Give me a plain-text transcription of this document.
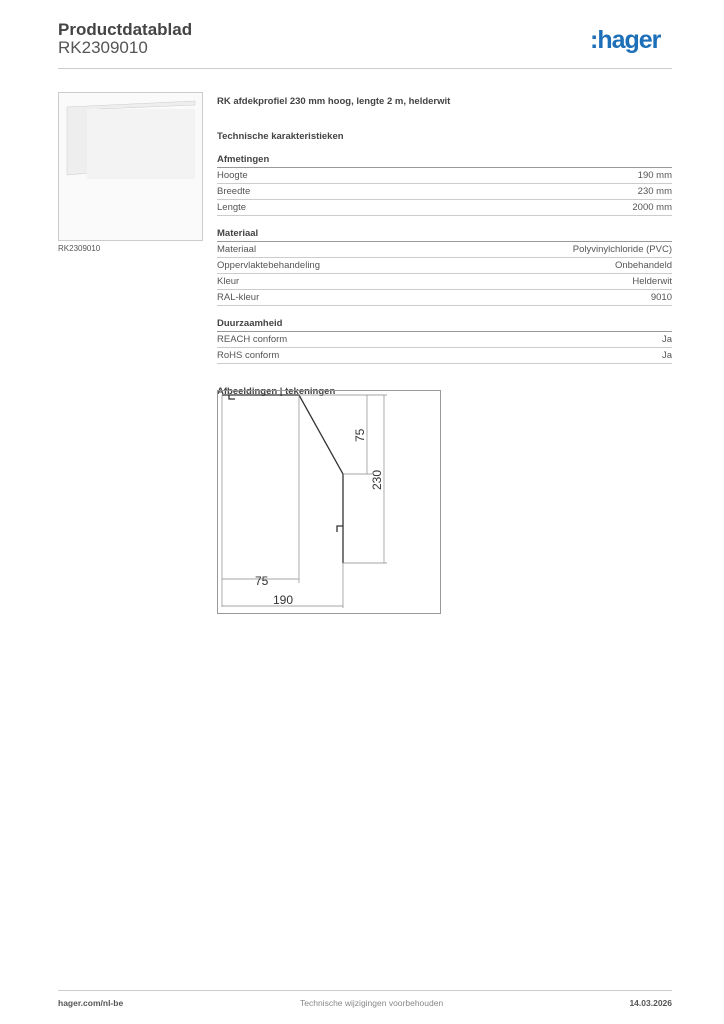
Productdatablad
RK2309010	:hager
RK2309010
RK afdekprofiel 230 mm hoog, lengte 2 m, helderwit
Technische karakteristieken
Afmetingen
Hoogte	190 mm
Breedte	230 mm
Lengte	2000 mm
Materiaal
Materiaal	Polyvinylchloride (PVC)
Oppervlaktebehandeling	Onbehandeld
Kleur	Helderwit
RAL-kleur	9010
Duurzaamheid
REACH conform	Ja
RoHS conform	Ja
Afbeeldingen | tekeningen
75
190
75
230
hager.com/nl-be	Technische wijzigingen voorbehouden	14.03.2026
